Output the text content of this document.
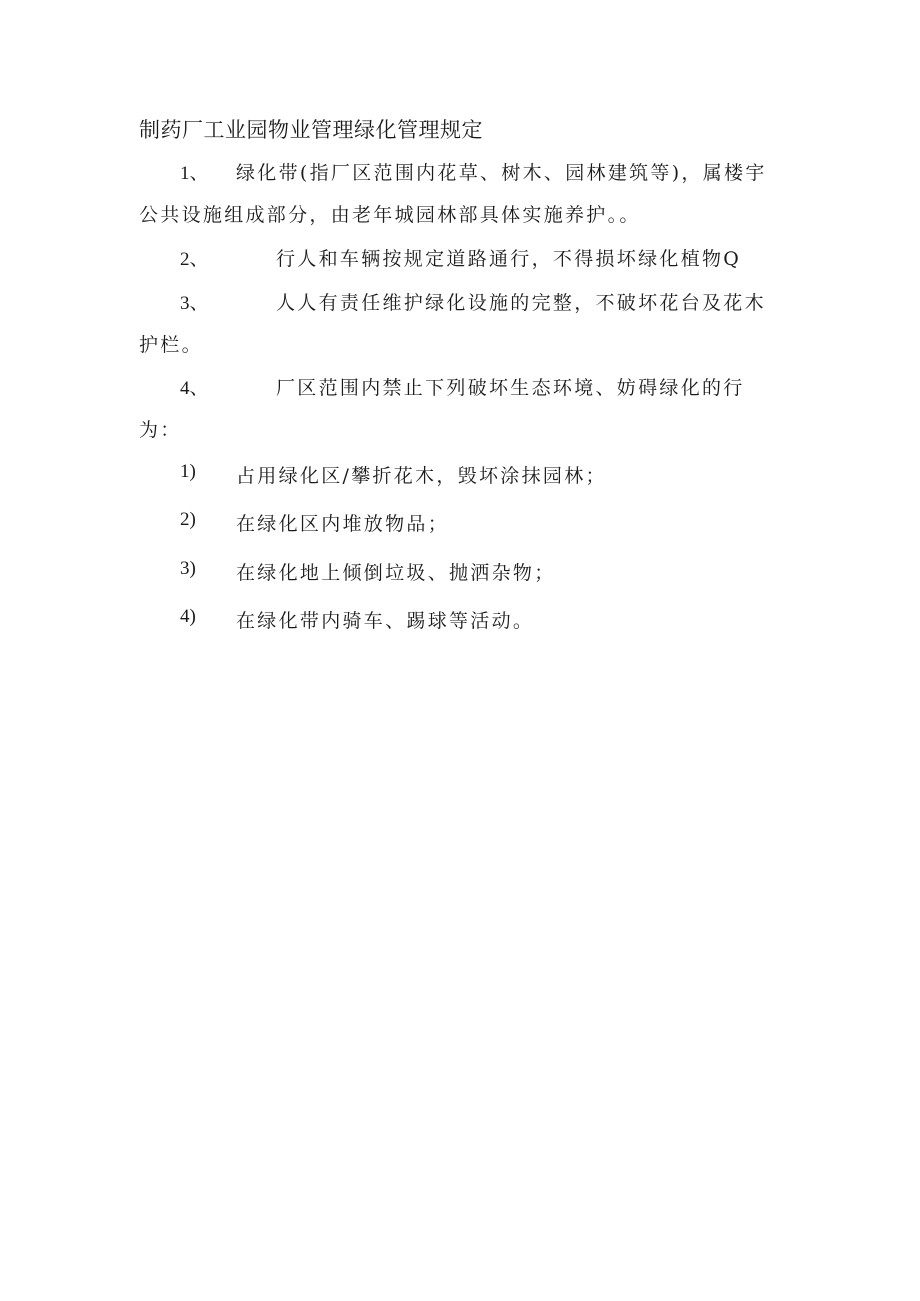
制药厂工业园物业管理绿化管理规定
1、 绿化带(指厂区范围内花草、树木、园林建筑等)，属楼宇
公共设施组成部分，由老年城园林部具体实施养护。。
2、	行人和车辆按规定道路通行，不得损坏绿化植物Q
3、	人人有责任维护绿化设施的完整，不破坏花台及花木
护栏。
4、	厂区范围内禁止下列破坏生态环境、妨碍绿化的行
为：
1) 占用绿化区/攀折花木，毁坏涂抹园林；
2) 在绿化区内堆放物品；
3) 在绿化地上倾倒垃圾、抛洒杂物；
4) 在绿化带内骑车、踢球等活动。
